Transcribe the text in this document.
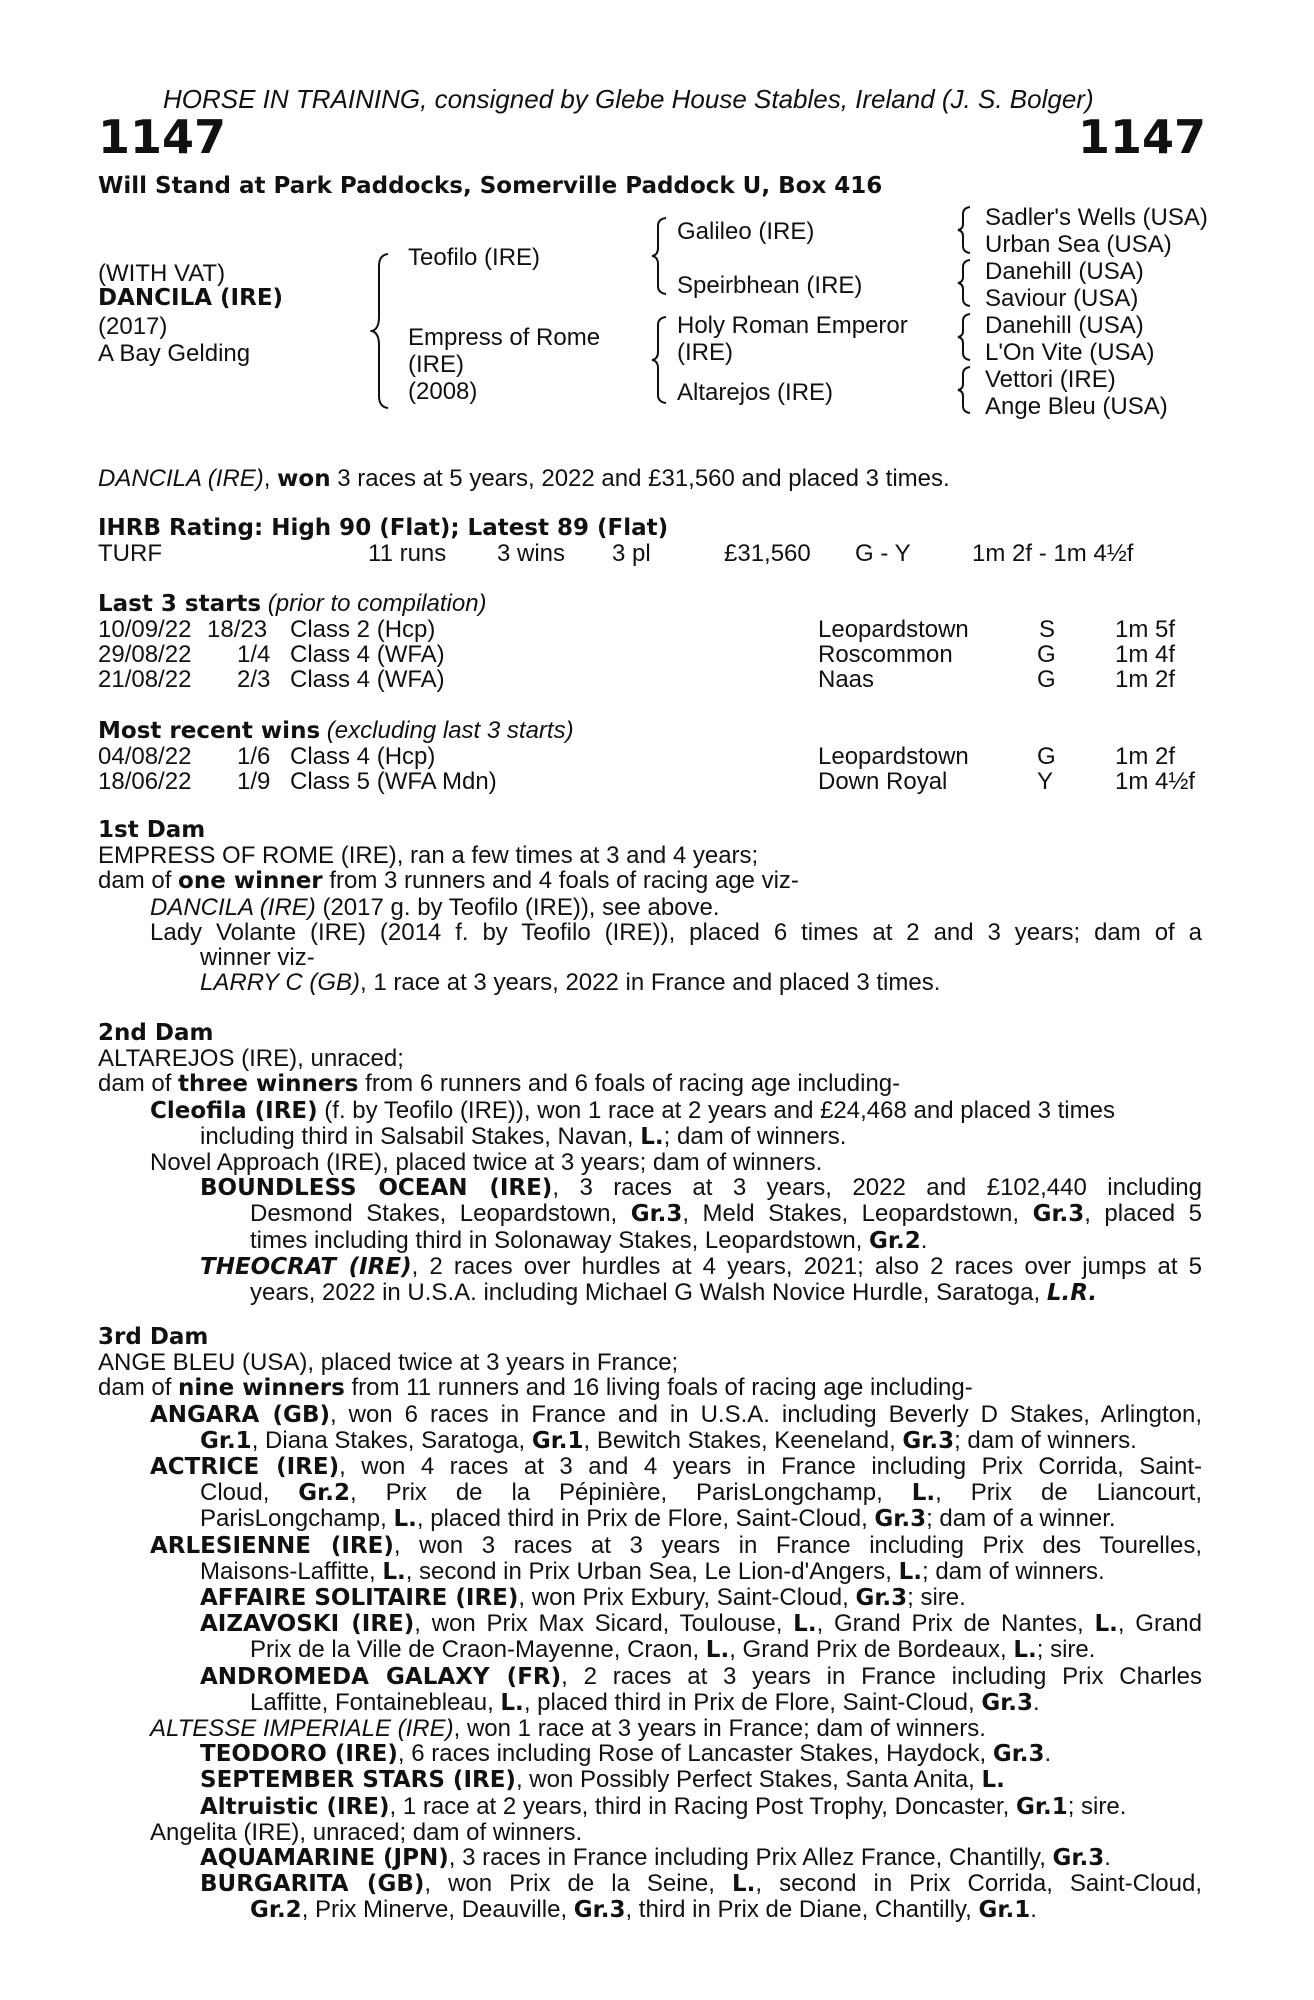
HORSE IN TRAINING, consigned by Glebe House Stables, Ireland (J. S. Bolger)
1147	1147
Will Stand at Park Paddocks, Somerville Paddock U, Box 416
(WITH VAT)
DANCILA (IRE)
(2017)
A Bay Gelding
Teofilo (IRE)
Empress of Rome
(IRE)
(2008)
Galileo (IRE)
Speirbhean (IRE)
Holy Roman Emperor
(IRE)
Altarejos (IRE)
Sadler's Wells (USA)
Urban Sea (USA)
Danehill (USA)
Saviour (USA)
Danehill (USA)
L'On Vite (USA)
Vettori (IRE)
Ange Bleu (USA)
DANCILA (IRE), won 3 races at 5 years, 2022 and £31,560 and placed 3 times.
IHRB Rating: High 90 (Flat); Latest 89 (Flat)
TURF	11 runs 3 wins 3 pl	£31,560 G - Y	1m 2f - 1m 4½f
Last 3 starts (prior to compilation)
10/09/22 18/23 Class 2 (Hcp)	Leopardstown	S 1m 5f
29/08/22 1/4 Class 4 (WFA)	Roscommon	G 1m 4f
21/08/22 2/3 Class 4 (WFA)	Naas	G 1m 2f
Most recent wins (excluding last 3 starts)
04/08/22 1/6 Class 4 (Hcp)	Leopardstown	G 1m 2f
18/06/22 1/9 Class 5 (WFA Mdn)	Down Royal	Y	1m 4½f
1st Dam
EMPRESS OF ROME (IRE), ran a few times at 3 and 4 years;
dam of one winner from 3 runners and 4 foals of racing age viz-
DANCILA (IRE) (2017 g. by Teofilo (IRE)), see above.
Lady Volante (IRE) (2014 f. by Teofilo (IRE)), placed 6 times at 2 and 3 years; dam of a
winner viz-
LARRY C (GB), 1 race at 3 years, 2022 in France and placed 3 times.
2nd Dam
ALTAREJOS (IRE), unraced;
dam of three winners from 6 runners and 6 foals of racing age including-
Cleofila (IRE) (f. by Teofilo (IRE)), won 1 race at 2 years and £24,468 and placed 3 times
including third in Salsabil Stakes, Navan, L.; dam of winners.
Novel Approach (IRE), placed twice at 3 years; dam of winners.
BOUNDLESS OCEAN (IRE), 3 races at 3 years, 2022 and £102,440 including
Desmond Stakes, Leopardstown, Gr.3, Meld Stakes, Leopardstown, Gr.3, placed 5
times including third in Solonaway Stakes, Leopardstown, Gr.2.
THEOCRAT (IRE), 2 races over hurdles at 4 years, 2021; also 2 races over jumps at 5
years, 2022 in U.S.A. including Michael G Walsh Novice Hurdle, Saratoga, L.R.
3rd Dam
ANGE BLEU (USA), placed twice at 3 years in France;
dam of nine winners from 11 runners and 16 living foals of racing age including-
ANGARA (GB), won 6 races in France and in U.S.A. including Beverly D Stakes, Arlington,
Gr.1, Diana Stakes, Saratoga, Gr.1, Bewitch Stakes, Keeneland, Gr.3; dam of winners.
ACTRICE (IRE), won 4 races at 3 and 4 years in France including Prix Corrida, Saint-
Cloud, Gr.2, Prix de la Pépinière, ParisLongchamp, L., Prix de Liancourt,
ParisLongchamp, L., placed third in Prix de Flore, Saint-Cloud, Gr.3; dam of a winner.
ARLESIENNE (IRE), won 3 races at 3 years in France including Prix des Tourelles,
Maisons-Laffitte, L., second in Prix Urban Sea, Le Lion-d'Angers, L.; dam of winners.
AFFAIRE SOLITAIRE (IRE), won Prix Exbury, Saint-Cloud, Gr.3; sire.
AIZAVOSKI (IRE), won Prix Max Sicard, Toulouse, L., Grand Prix de Nantes, L., Grand
Prix de la Ville de Craon-Mayenne, Craon, L., Grand Prix de Bordeaux, L.; sire.
ANDROMEDA GALAXY (FR), 2 races at 3 years in France including Prix Charles
Laffitte, Fontainebleau, L., placed third in Prix de Flore, Saint-Cloud, Gr.3.
ALTESSE IMPERIALE (IRE), won 1 race at 3 years in France; dam of winners.
TEODORO (IRE), 6 races including Rose of Lancaster Stakes, Haydock, Gr.3.
SEPTEMBER STARS (IRE), won Possibly Perfect Stakes, Santa Anita, L.
Altruistic (IRE), 1 race at 2 years, third in Racing Post Trophy, Doncaster, Gr.1; sire.
Angelita (IRE), unraced; dam of winners.
AQUAMARINE (JPN), 3 races in France including Prix Allez France, Chantilly, Gr.3.
BURGARITA (GB), won Prix de la Seine, L., second in Prix Corrida, Saint-Cloud,
Gr.2, Prix Minerve, Deauville, Gr.3, third in Prix de Diane, Chantilly, Gr.1.
